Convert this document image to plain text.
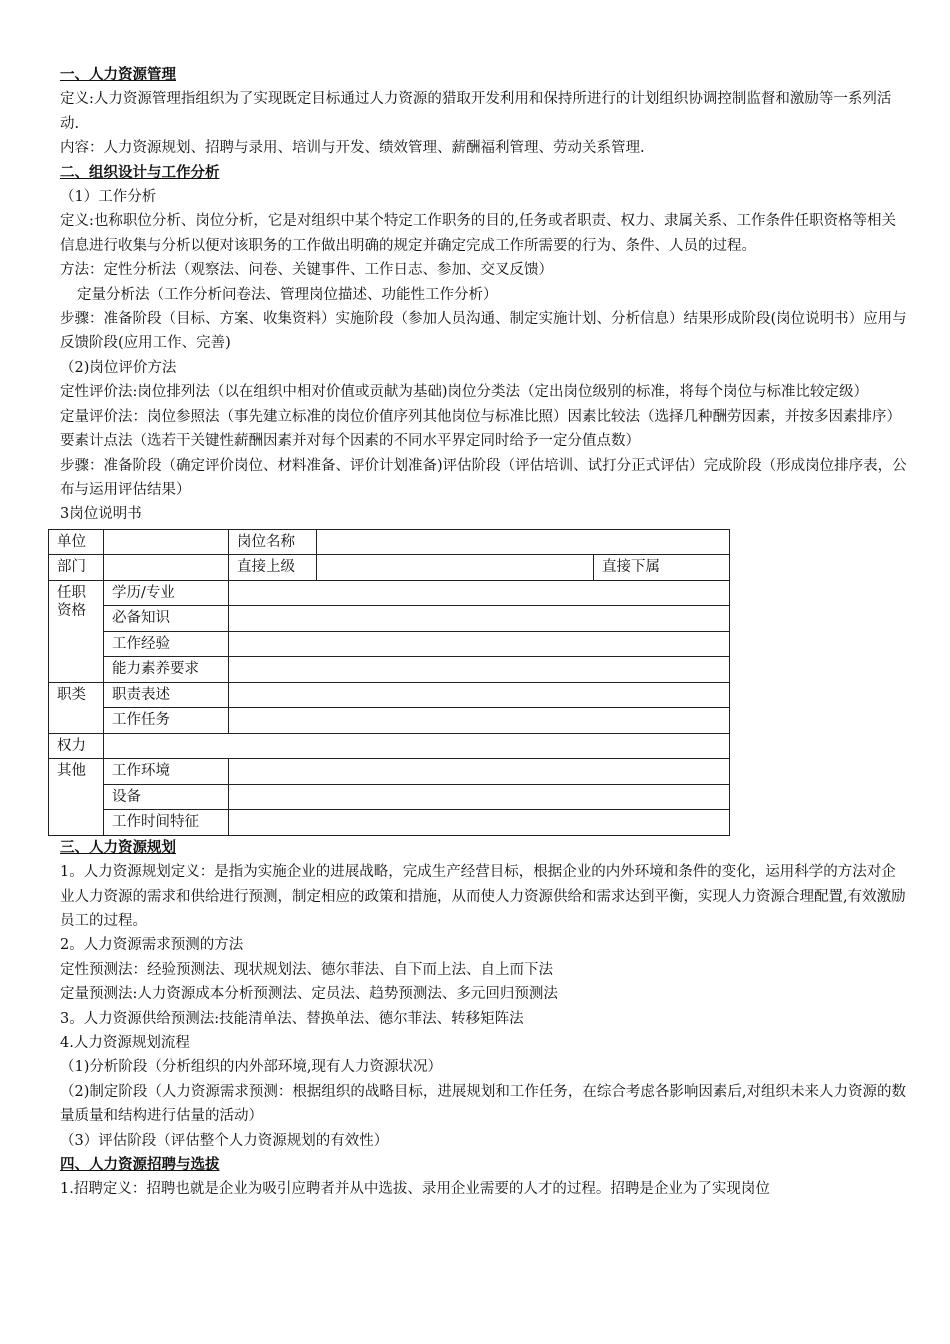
一、人力资源管理

定义:人力资源管理指组织为了实现既定目标通过人力资源的猎取开发利用和保持所进行的计划组织协调控制监督和激励等一系列活动.

内容：人力资源规划、招聘与录用、培训与开发、绩效管理、薪酬福利管理、劳动关系管理.

二、组织设计与工作分析

（1）工作分析

定义:也称职位分析、岗位分析，它是对组织中某个特定工作职务的目的,任务或者职责、权力、隶属关系、工作条件任职资格等相关信息进行收集与分析以便对该职务的工作做出明确的规定并确定完成工作所需要的行为、条件、人员的过程。

方法：定性分析法（观察法、问卷、关键事件、工作日志、参加、交叉反馈）

定量分析法（工作分析问卷法、管理岗位描述、功能性工作分析）

步骤：准备阶段（目标、方案、收集资料）实施阶段（参加人员沟通、制定实施计划、分析信息）结果形成阶段(岗位说明书）应用与反馈阶段(应用工作、完善)

（2)岗位评价方法

定性评价法:岗位排列法（以在组织中相对价值或贡献为基础)岗位分类法（定出岗位级别的标准，将每个岗位与标准比较定级）

定量评价法：岗位参照法（事先建立标准的岗位价值序列其他岗位与标准比照）因素比较法（选择几种酬劳因素，并按多因素排序）要素计点法（选若干关键性薪酬因素并对每个因素的不同水平界定同时给予一定分值点数）

步骤：准备阶段（确定评价岗位、材料准备、评价计划准备)评估阶段（评估培训、试打分正式评估）完成阶段（形成岗位排序表，公布与运用评估结果）

3岗位说明书

单位		岗位名称		
部门		直接上级		直接下属
任职
资格	学历/专业			
	必备知识			
	工作经验			
	能力素养要求			
职类	职责表述			
	工作任务			
权力				
其他	工作环境			
	设备			
	工作时间特征			

三、人力资源规划

1。人力资源规划定义：是指为实施企业的进展战略，完成生产经营目标，根据企业的内外环境和条件的变化，运用科学的方法对企业人力资源的需求和供给进行预测，制定相应的政策和措施，从而使人力资源供给和需求达到平衡，实现人力资源合理配置,有效激励员工的过程。

2。人力资源需求预测的方法

定性预测法：经验预测法、现状规划法、德尔菲法、自下而上法、自上而下法

定量预测法:人力资源成本分析预测法、定员法、趋势预测法、多元回归预测法

3。人力资源供给预测法:技能清单法、替换单法、德尔菲法、转移矩阵法

4.人力资源规划流程

（1)分析阶段（分析组织的内外部环境,现有人力资源状况）

（2)制定阶段（人力资源需求预测：根据组织的战略目标，进展规划和工作任务，在综合考虑各影响因素后,对组织未来人力资源的数量质量和结构进行估量的活动）

（3）评估阶段（评估整个人力资源规划的有效性）

四、人力资源招聘与选拔

1.招聘定义：招聘也就是企业为吸引应聘者并从中选拔、录用企业需要的人才的过程。招聘是企业为了实现岗位
